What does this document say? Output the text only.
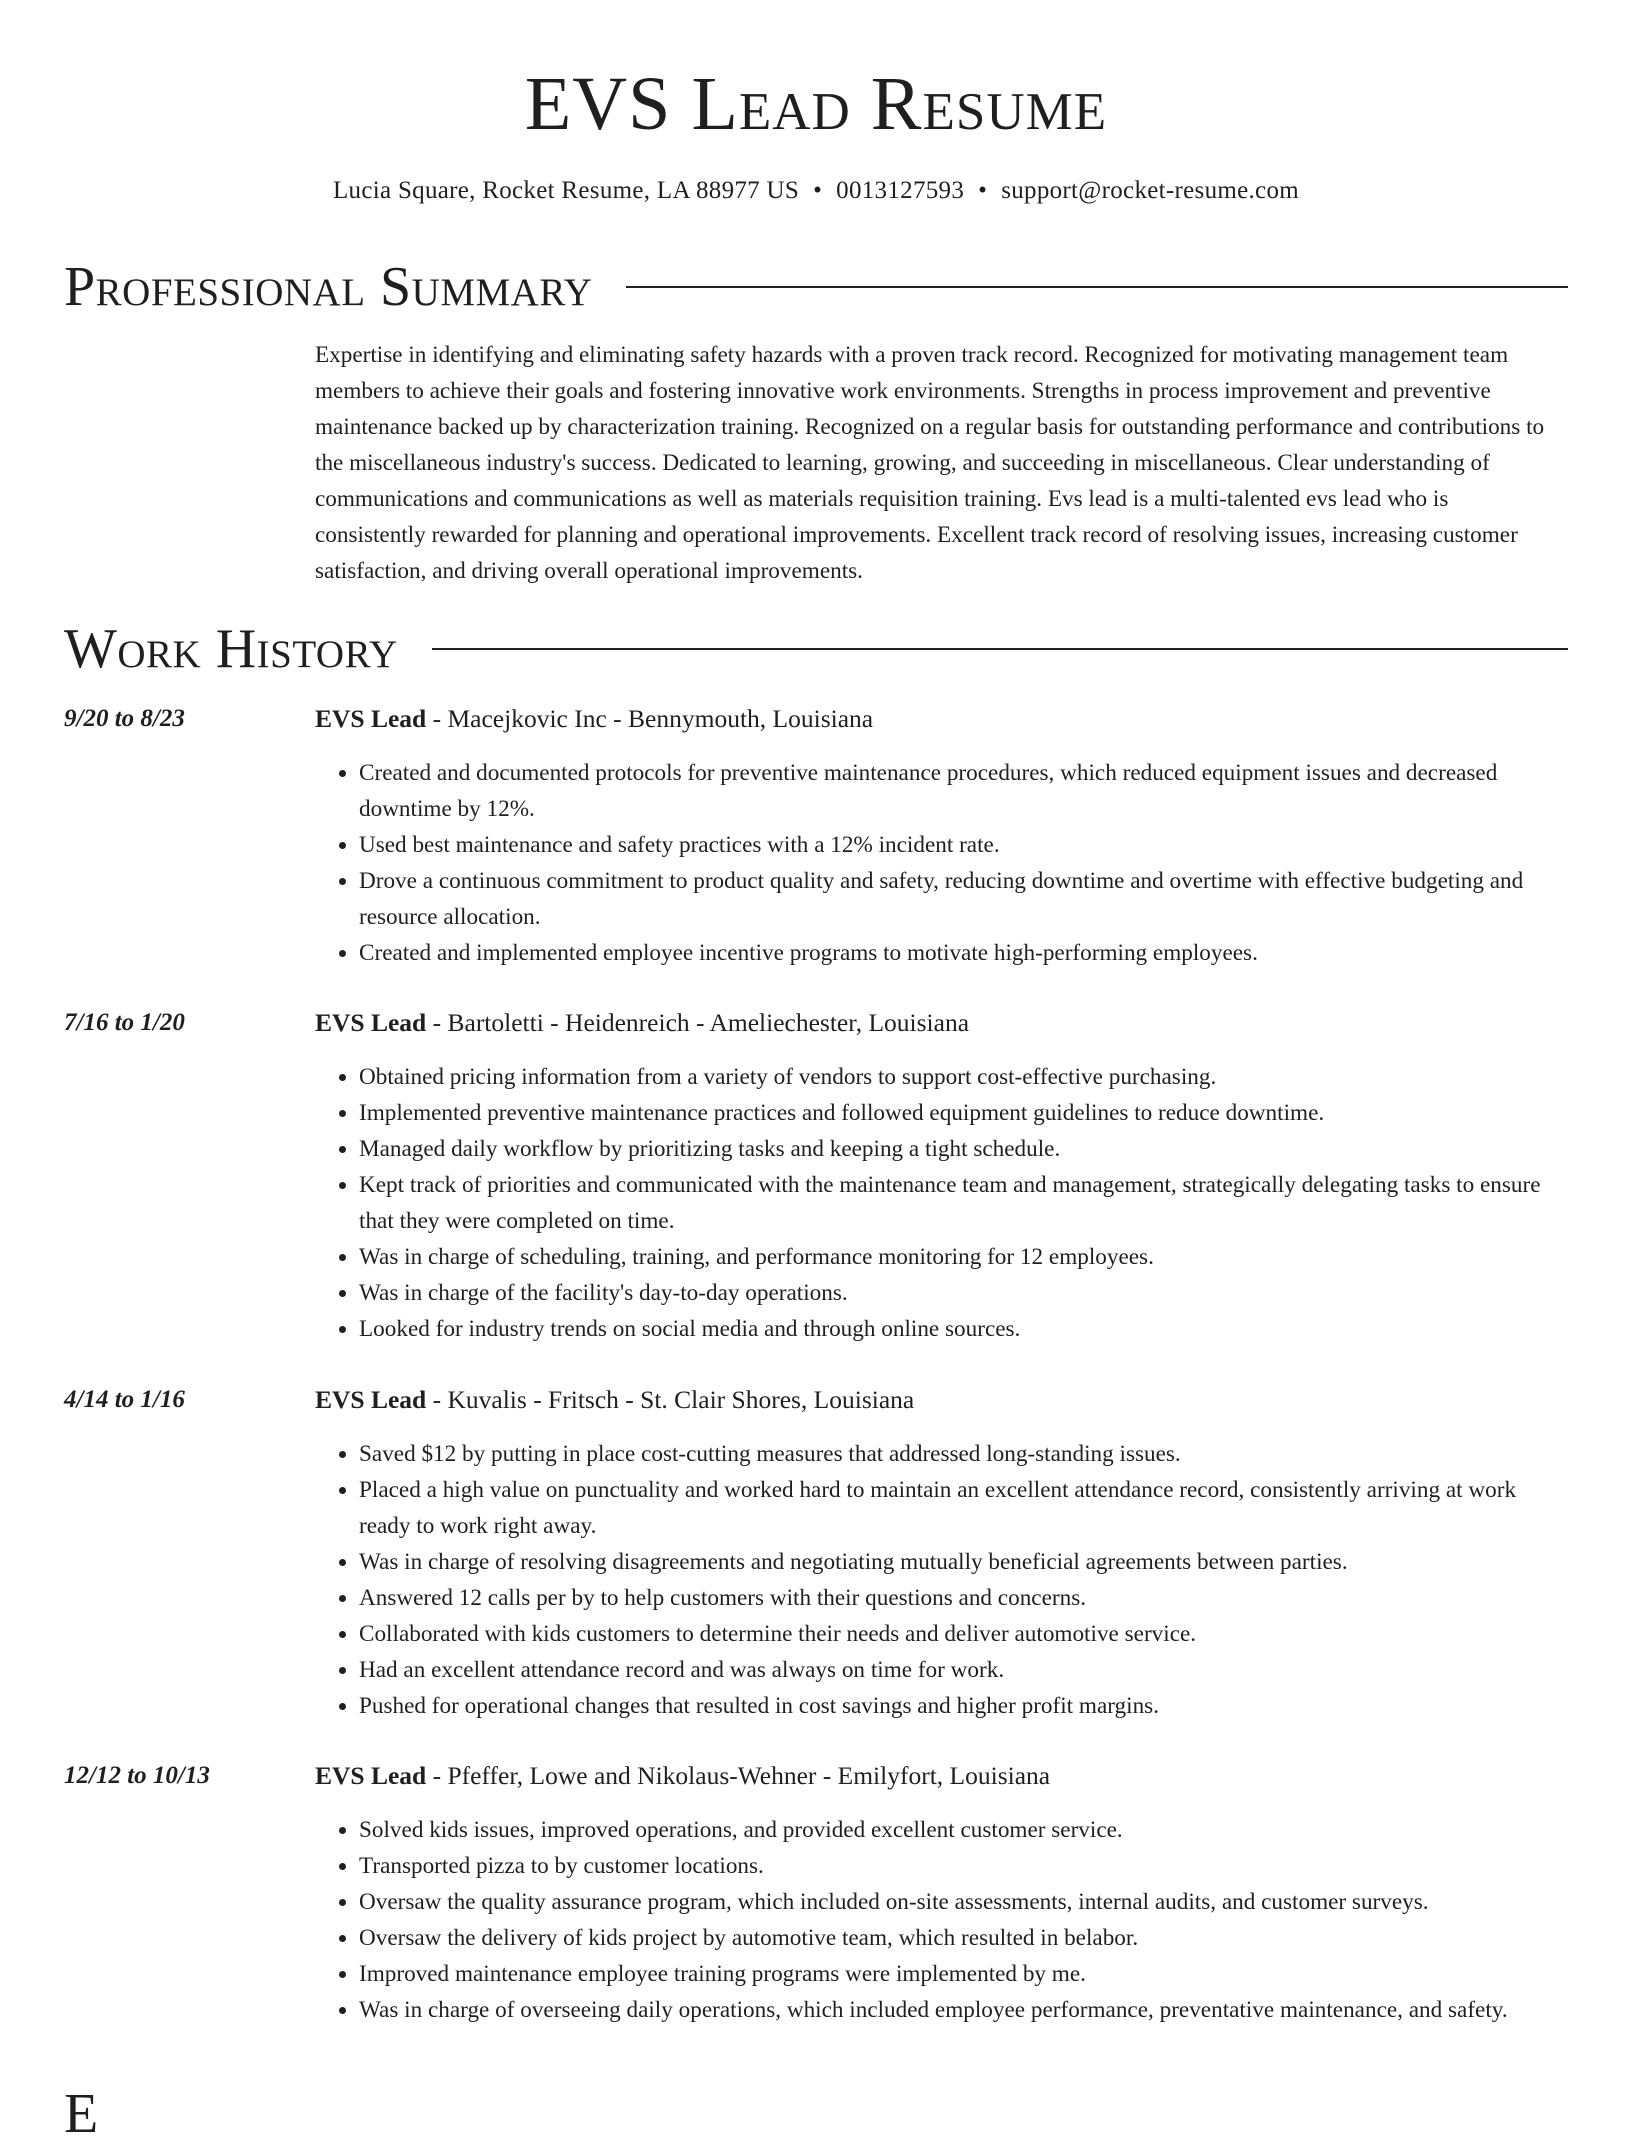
EVS Lead Resume
Lucia Square, Rocket Resume, LA 88977 US • 0013127593 • support@rocket-resume.com
Professional Summary

Expertise in identifying and eliminating safety hazards with a proven track record. Recognized for motivating management team members to achieve their goals and fostering innovative work environments. Strengths in process improvement and preventive maintenance backed up by characterization training. Recognized on a regular basis for outstanding performance and contributions to the miscellaneous industry's success. Dedicated to learning, growing, and succeeding in miscellaneous. Clear understanding of communications and communications as well as materials requisition training. Evs lead is a multi-talented evs lead who is consistently rewarded for planning and operational improvements. Excellent track record of resolving issues, increasing customer satisfaction, and driving overall operational improvements.

Work History
9/20 to 8/23	EVS Lead - Macejkovic Inc - Bennymouth, Louisiana
• Created and documented protocols for preventive maintenance procedures, which reduced equipment issues and decreased downtime by 12%.
• Used best maintenance and safety practices with a 12% incident rate.
• Drove a continuous commitment to product quality and safety, reducing downtime and overtime with effective budgeting and resource allocation.
• Created and implemented employee incentive programs to motivate high-performing employees.
7/16 to 1/20	EVS Lead - Bartoletti - Heidenreich - Ameliechester, Louisiana
• Obtained pricing information from a variety of vendors to support cost-effective purchasing.
• Implemented preventive maintenance practices and followed equipment guidelines to reduce downtime.
• Managed daily workflow by prioritizing tasks and keeping a tight schedule.
• Kept track of priorities and communicated with the maintenance team and management, strategically delegating tasks to ensure that they were completed on time.
• Was in charge of scheduling, training, and performance monitoring for 12 employees.
• Was in charge of the facility's day-to-day operations.
• Looked for industry trends on social media and through online sources.
4/14 to 1/16	EVS Lead - Kuvalis - Fritsch - St. Clair Shores, Louisiana
• Saved $12 by putting in place cost-cutting measures that addressed long-standing issues.
• Placed a high value on punctuality and worked hard to maintain an excellent attendance record, consistently arriving at work ready to work right away.
• Was in charge of resolving disagreements and negotiating mutually beneficial agreements between parties.
• Answered 12 calls per by to help customers with their questions and concerns.
• Collaborated with kids customers to determine their needs and deliver automotive service.
• Had an excellent attendance record and was always on time for work.
• Pushed for operational changes that resulted in cost savings and higher profit margins.
12/12 to 10/13	EVS Lead - Pfeffer, Lowe and Nikolaus-Wehner - Emilyfort, Louisiana
• Solved kids issues, improved operations, and provided excellent customer service.
• Transported pizza to by customer locations.
• Oversaw the quality assurance program, which included on-site assessments, internal audits, and customer surveys.
• Oversaw the delivery of kids project by automotive team, which resulted in belabor.
• Improved maintenance employee training programs were implemented by me.
• Was in charge of overseeing daily operations, which included employee performance, preventative maintenance, and safety.
E
